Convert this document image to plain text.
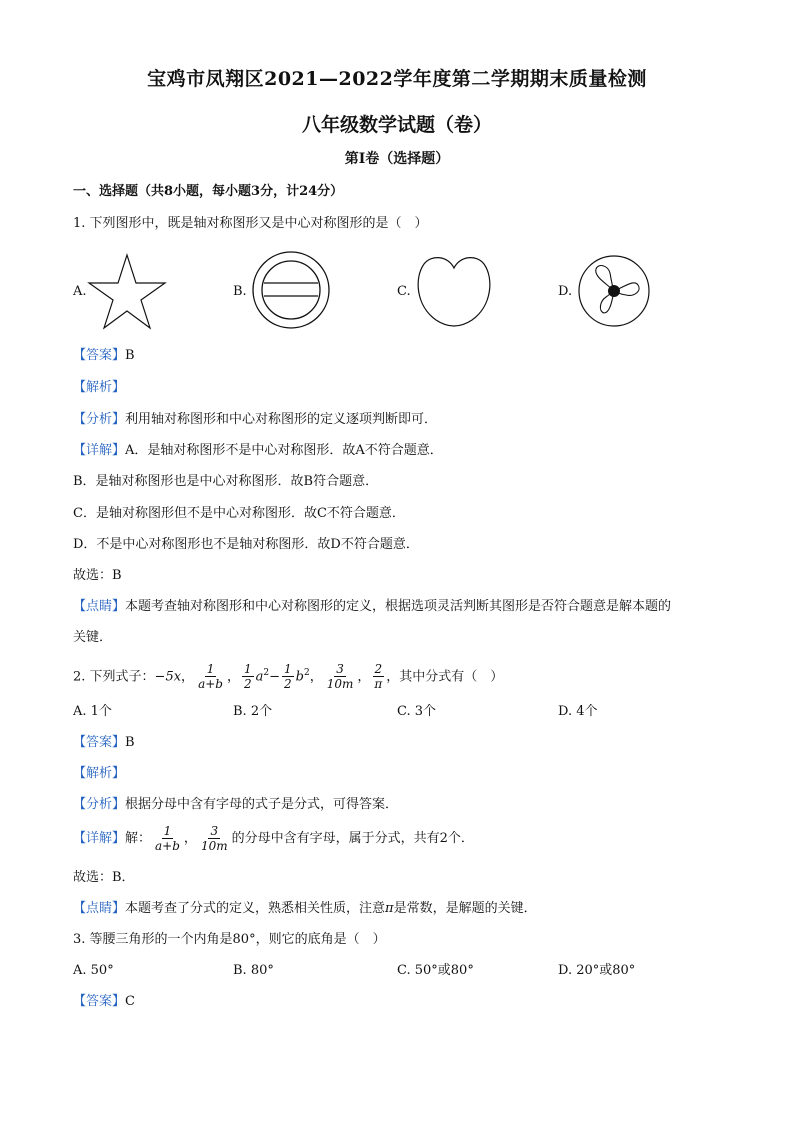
宝鸡市凤翔区2021—2022学年度第二学期期末质量检测
八年级数学试题（卷）
第Ⅰ卷（选择题）
一、选择题（共8小题，每小题3分，计24分）
1. 下列图形中，既是轴对称图形又是中心对称图形的是（　）
A.	B.	C.	D.
【答案】B
【解析】
【分析】利用轴对称图形和中心对称图形的定义逐项判断即可．
【详解】A．是轴对称图形不是中心对称图形．故A不符合题意．
B．是轴对称图形也是中心对称图形．故B符合题意．
C．是轴对称图形但不是中心对称图形．故C不符合题意．
D．不是中心对称图形也不是轴对称图形．故D不符合题意．
故选：B
【点睛】本题考查轴对称图形和中心对称图形的定义，根据选项灵活判断其图形是否符合题意是解本题的
关键．
2. 下列式子：−5x， $\frac{1}{a+b}$ ， $\frac{1}{2} a^2- \frac{1}{2} b^2$， $\frac{3}{10m}$ ， $\frac{2}{\pi}$ ，其中分式有（　）
A. 1个	B. 2个	C. 3个	D. 4个
【答案】B
【解析】
【分析】根据分母中含有字母的式子是分式，可得答案．
【详解】解： $\frac{1}{a+b}$ ， $\frac{3}{10m}$ 的分母中含有字母，属于分式，共有2个．
故选：B．
【点睛】本题考查了分式的定义，熟悉相关性质，注意π是常数，是解题的关键．
3. 等腰三角形的一个内角是80°，则它的底角是（　）
A. 50°	B. 80°	C. 50°或80°	D. 20°或80°
【答案】C
